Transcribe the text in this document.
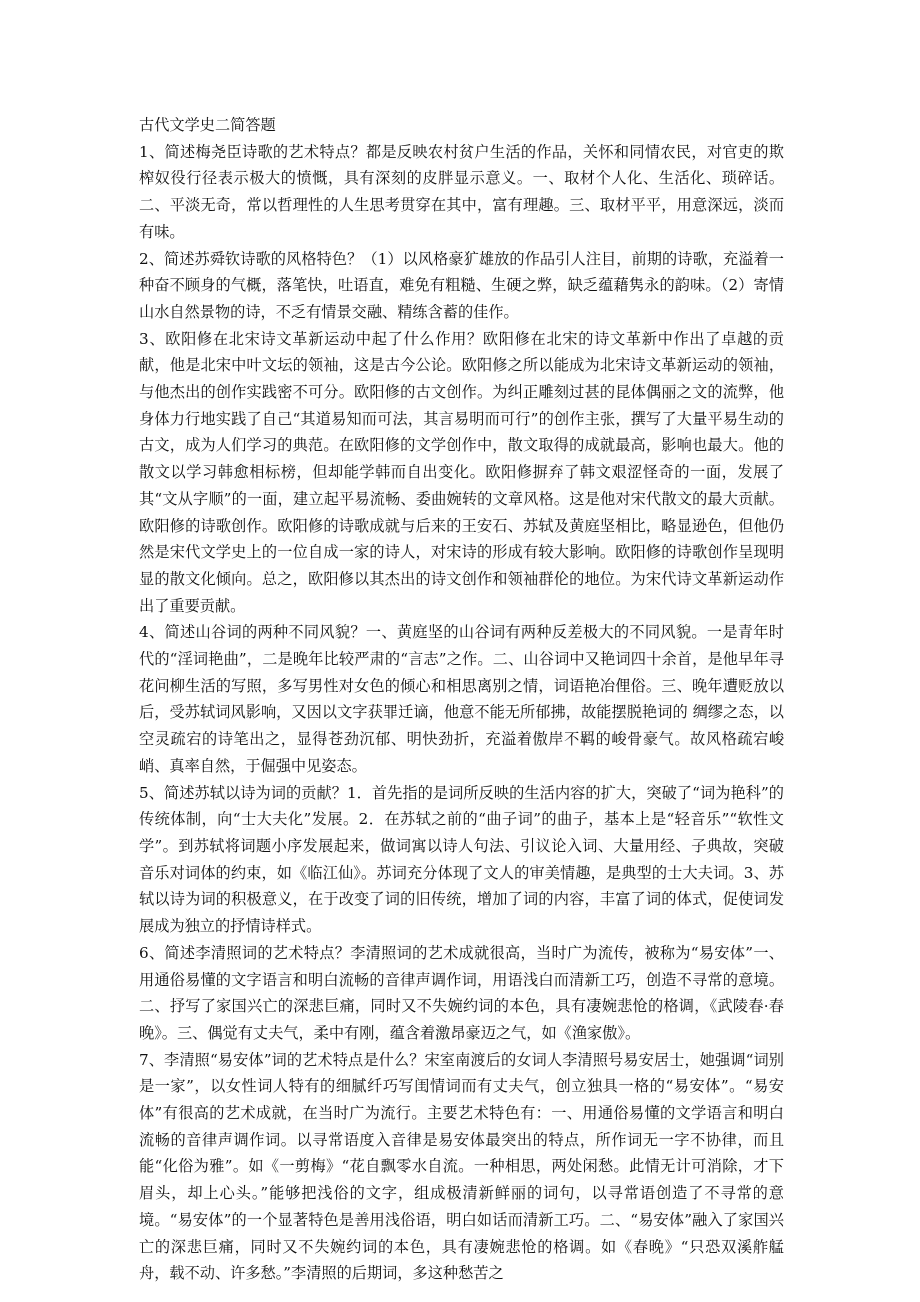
古代文学史二简答题

1、简述梅尧臣诗歌的艺术特点？都是反映农村贫户生活的作品，关怀和同情农民，对官吏的欺榨奴役行径表示极大的愤慨，具有深刻的皮胖显示意义。一、取材个人化、生活化、琐碎话。二、平淡无奇，常以哲理性的人生思考贯穿在其中，富有理趣。三、取材平平，用意深远，淡而有味。

2、简述苏舜钦诗歌的风格特色？（1）以风格豪犷雄放的作品引人注目，前期的诗歌，充溢着一种奋不顾身的气概，落笔快，吐语直，难免有粗糙、生硬之弊，缺乏蕴藉隽永的韵味。（2）寄情山水自然景物的诗，不乏有情景交融、精练含蓄的佳作。

3、欧阳修在北宋诗文革新运动中起了什么作用？欧阳修在北宋的诗文革新中作出了卓越的贡献，他是北宋中叶文坛的领袖，这是古今公论。欧阳修之所以能成为北宋诗文革新运动的领袖，与他杰出的创作实践密不可分。欧阳修的古文创作。为纠正雕刻过甚的昆体偶丽之文的流弊，他身体力行地实践了自己“其道易知而可法，其言易明而可行”的创作主张，撰写了大量平易生动的古文，成为人们学习的典范。在欧阳修的文学创作中，散文取得的成就最高，影响也最大。他的散文以学习韩愈相标榜，但却能学韩而自出变化。欧阳修摒弃了韩文艰涩怪奇的一面，发展了其“文从字顺”的一面，建立起平易流畅、委曲婉转的文章风格。这是他对宋代散文的最大贡献。欧阳修的诗歌创作。欧阳修的诗歌成就与后来的王安石、苏轼及黄庭坚相比，略显逊色，但他仍然是宋代文学史上的一位自成一家的诗人，对宋诗的形成有较大影响。欧阳修的诗歌创作呈现明显的散文化倾向。总之，欧阳修以其杰出的诗文创作和领袖群伦的地位。为宋代诗文革新运动作出了重要贡献。

4、简述山谷词的两种不同风貌？一、黄庭坚的山谷词有两种反差极大的不同风貌。一是青年时代的“淫词艳曲”，二是晚年比较严肃的“言志”之作。二、山谷词中又艳词四十余首，是他早年寻花问柳生活的写照，多写男性对女色的倾心和相思离别之情，词语艳冶俚俗。三、晚年遭贬放以后，受苏轼词风影响，又因以文字获罪迁谪，他意不能无所郁拂，故能摆脱艳词的 绸缪之态，以空灵疏宕的诗笔出之，显得苍劲沉郁、明快劲折，充溢着傲岸不羁的峻骨豪气。故风格疏宕峻峭、真率自然，于倔强中见姿态。

5、简述苏轼以诗为词的贡献？1．首先指的是词所反映的生活内容的扩大，突破了“词为艳科”的传统体制，向“士大夫化”发展。2．在苏轼之前的“曲子词”的曲子，基本上是“轻音乐”“软性文学”。到苏轼将词题小序发展起来，做词寓以诗人句法、引议论入词、大量用经、子典故，突破音乐对词体的约束，如《临江仙》。苏词充分体现了文人的审美情趣，是典型的士大夫词。3、苏轼以诗为词的积极意义，在于改变了词的旧传统，增加了词的内容，丰富了词的体式，促使词发展成为独立的抒情诗样式。

6、简述李清照词的艺术特点？李清照词的艺术成就很高，当时广为流传，被称为“易安体”一、用通俗易懂的文字语言和明白流畅的音律声调作词，用语浅白而清新工巧，创造不寻常的意境。二、抒写了家国兴亡的深悲巨痛，同时又不失婉约词的本色，具有凄婉悲怆的格调，《武陵春·春晚》。三、偶觉有丈夫气，柔中有刚，蕴含着激昂豪迈之气，如《渔家傲》。

7、李清照“易安体”词的艺术特点是什么？宋室南渡后的女词人李清照号易安居士，她强调“词别是一家”，以女性词人特有的细腻纤巧写闺情词而有丈夫气，创立独具一格的“易安体”。“易安体”有很高的艺术成就，在当时广为流行。主要艺术特色有：一、用通俗易懂的文学语言和明白流畅的音律声调作词。以寻常语度入音律是易安体最突出的特点，所作词无一字不协律，而且能“化俗为雅”。如《一剪梅》“花自飘零水自流。一种相思，两处闲愁。此情无计可消除，才下眉头，却上心头。”能够把浅俗的文字，组成极清新鲜丽的词句，以寻常语创造了不寻常的意境。“易安体”的一个显著特色是善用浅俗语，明白如话而清新工巧。二、“易安体”融入了家国兴亡的深悲巨痛，同时又不失婉约词的本色，具有凄婉悲怆的格调。如《春晚》“只恐双溪舴艋舟，载不动、许多愁。”李清照的后期词，多这种愁苦之
